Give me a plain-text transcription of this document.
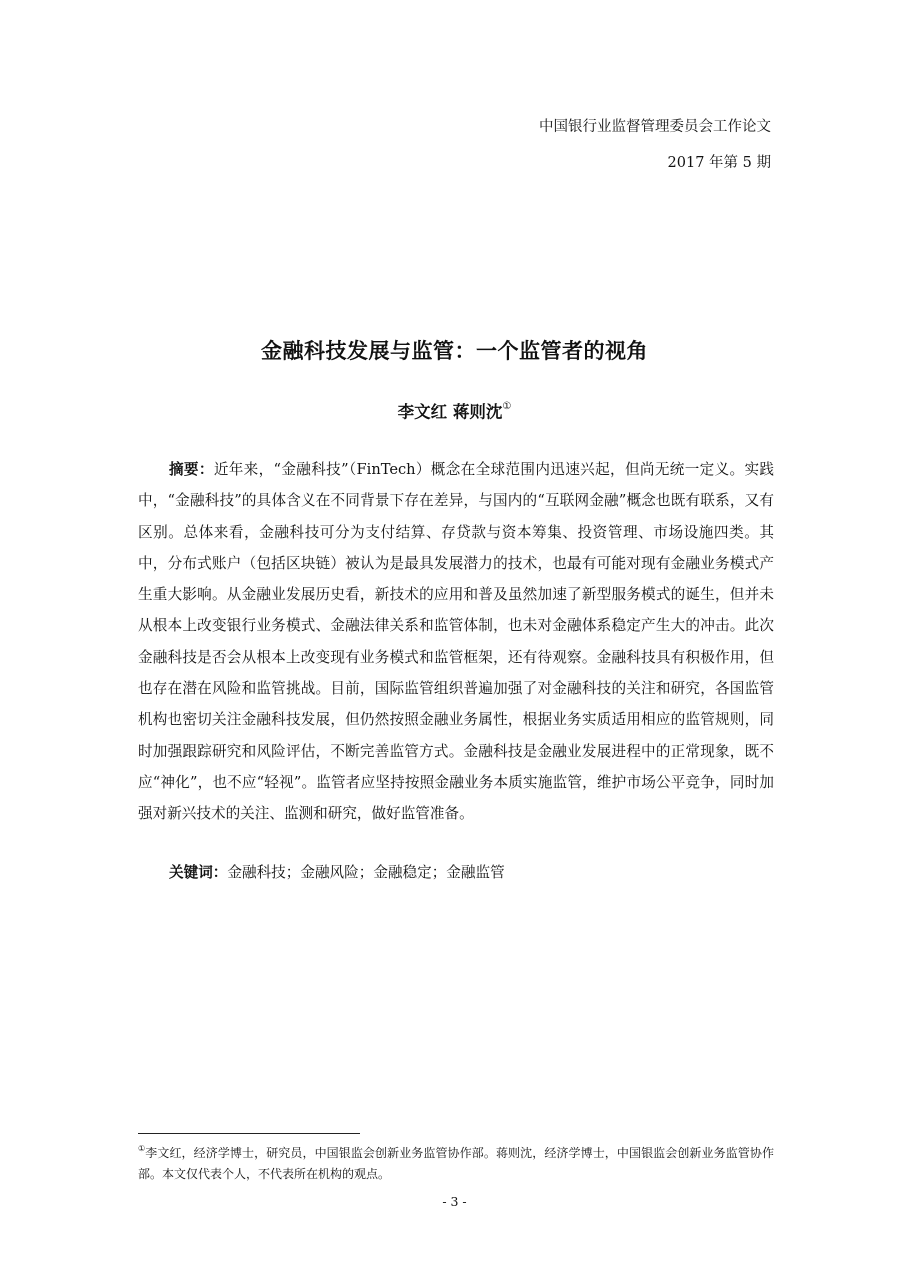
中国银行业监督管理委员会工作论文
2017 年第 5 期
金融科技发展与监管：一个监管者的视角
李文红 蒋则沈①

摘要：近年来，“金融科技”（FinTech）概念在全球范围内迅速兴起，但尚无统一定义。实践中，“金融科技”的具体含义在不同背景下存在差异，与国内的“互联网金融”概念也既有联系，又有区别。总体来看，金融科技可分为支付结算、存贷款与资本筹集、投资管理、市场设施四类。其中，分布式账户（包括区块链）被认为是最具发展潜力的技术，也最有可能对现有金融业务模式产生重大影响。从金融业发展历史看，新技术的应用和普及虽然加速了新型服务模式的诞生，但并未从根本上改变银行业务模式、金融法律关系和监管体制，也未对金融体系稳定产生大的冲击。此次金融科技是否会从根本上改变现有业务模式和监管框架，还有待观察。金融科技具有积极作用，但也存在潜在风险和监管挑战。目前，国际监管组织普遍加强了对金融科技的关注和研究，各国监管机构也密切关注金融科技发展，但仍然按照金融业务属性，根据业务实质适用相应的监管规则，同时加强跟踪研究和风险评估，不断完善监管方式。金融科技是金融业发展进程中的正常现象，既不应“神化”，也不应“轻视”。监管者应坚持按照金融业务本质实施监管，维护市场公平竞争，同时加强对新兴技术的关注、监测和研究，做好监管准备。

关键词：金融科技；金融风险；金融稳定；金融监管

①李文红，经济学博士，研究员，中国银监会创新业务监管协作部。蒋则沈，经济学博士，中国银监会创新业务监管协作部。本文仅代表个人，不代表所在机构的观点。

- 3 -
